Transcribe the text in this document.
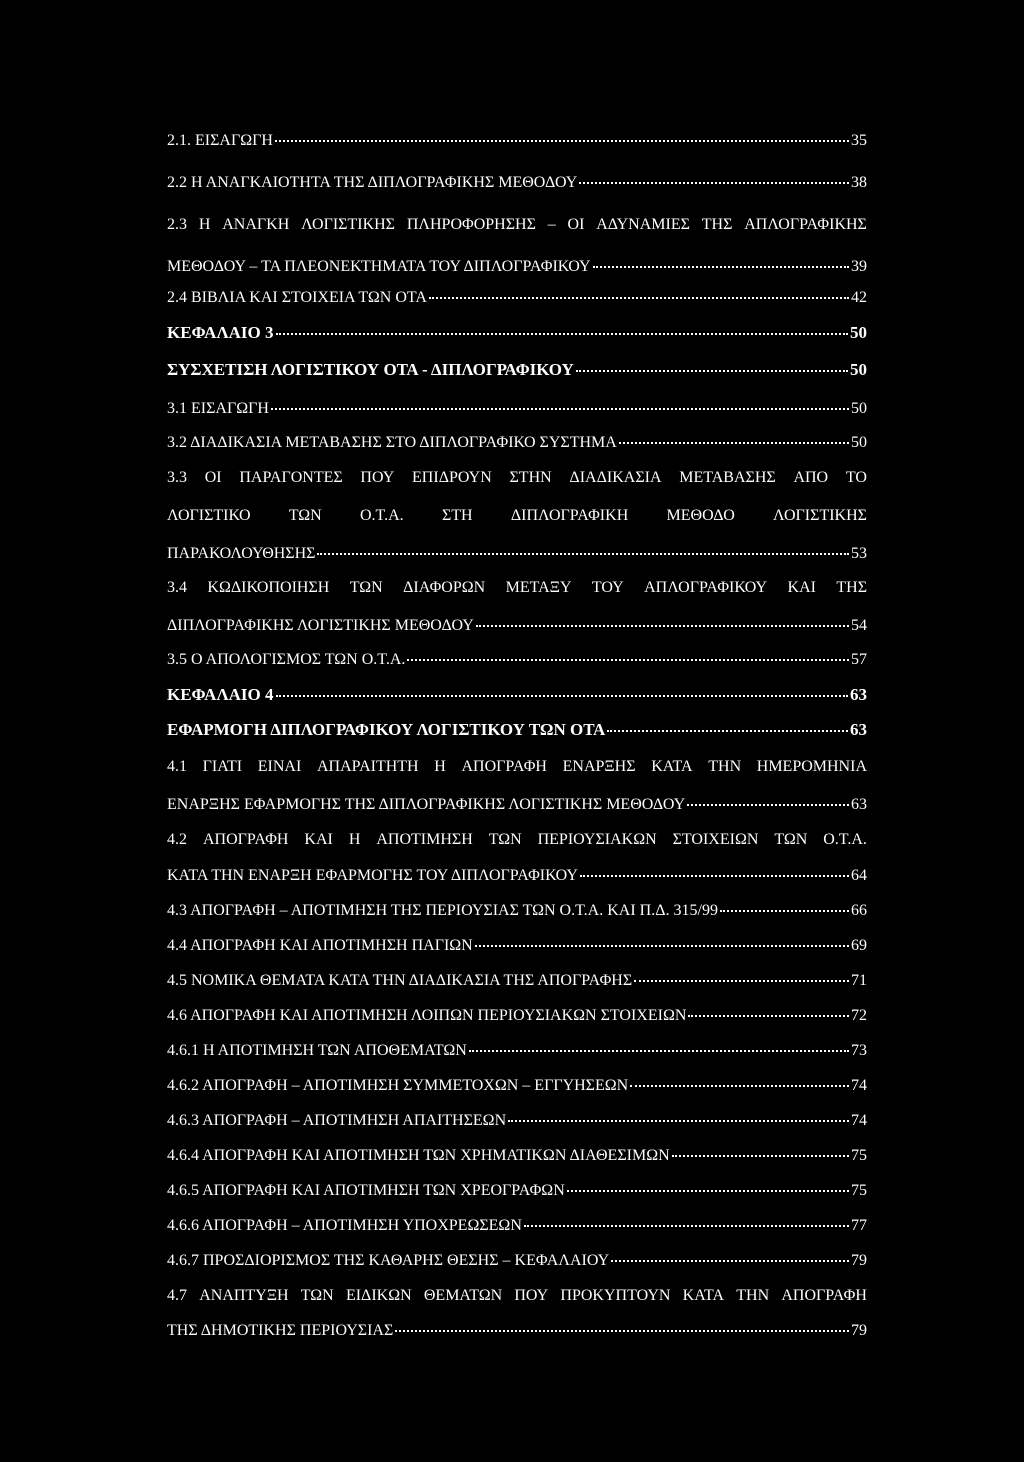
2.1. ΕΙΣΑΓΩΓΗ	35
2.2 Η ΑΝΑΓΚΑΙΟΤΗΤΑ ΤΗΣ ΔΙΠΛΟΓΡΑΦΙΚΗΣ ΜΕΘΟΔΟΥ	38
2.3 Η ΑΝΑΓΚΗ ΛΟΓΙΣΤΙΚΗΣ ΠΛΗΡΟΦΟΡΗΣΗΣ – ΟΙ ΑΔΥΝΑΜΙΕΣ ΤΗΣ ΑΠΛΟΓΡΑΦΙΚΗΣ
ΜΕΘΟΔΟΥ – ΤΑ ΠΛΕΟΝΕΚΤΗΜΑΤΑ ΤΟΥ ΔΙΠΛΟΓΡΑΦΙΚΟΥ	39
2.4 ΒΙΒΛΙΑ ΚΑΙ ΣΤΟΙΧΕΙΑ ΤΩΝ ΟΤΑ	42
ΚΕΦΑΛΑΙΟ 3	50
ΣΥΣΧΕΤΙΣΗ ΛΟΓΙΣΤΙΚΟΥ ΟΤΑ - ΔΙΠΛΟΓΡΑΦΙΚΟΥ	50
3.1 ΕΙΣΑΓΩΓΗ	50
3.2 ΔΙΑΔΙΚΑΣΙΑ ΜΕΤΑΒΑΣΗΣ ΣΤΟ ΔΙΠΛΟΓΡΑΦΙΚΟ ΣΥΣΤΗΜΑ	50
3.3 ΟΙ ΠΑΡΑΓΟΝΤΕΣ ΠΟΥ ΕΠΙΔΡΟΥΝ ΣΤΗΝ ΔΙΑΔΙΚΑΣΙΑ ΜΕΤΑΒΑΣΗΣ ΑΠΟ ΤΟ
ΛΟΓΙΣΤΙΚΟ ΤΩΝ Ο.Τ.Α. ΣΤΗ ΔΙΠΛΟΓΡΑΦΙΚΗ ΜΕΘΟΔΟ ΛΟΓΙΣΤΙΚΗΣ
ΠΑΡΑΚΟΛΟΥΘΗΣΗΣ	53
3.4 ΚΩΔΙΚΟΠΟΙΗΣΗ ΤΩΝ ΔΙΑΦΟΡΩΝ ΜΕΤΑΞΥ ΤΟΥ ΑΠΛΟΓΡΑΦΙΚΟΥ ΚΑΙ ΤΗΣ
ΔΙΠΛΟΓΡΑΦΙΚΗΣ ΛΟΓΙΣΤΙΚΗΣ ΜΕΘΟΔΟΥ	54
3.5 Ο ΑΠΟΛΟΓΙΣΜΟΣ ΤΩΝ Ο.Τ.Α.	57
ΚΕΦΑΛΑΙΟ 4	63
ΕΦΑΡΜΟΓΗ ΔΙΠΛΟΓΡΑΦΙΚΟΥ ΛΟΓΙΣΤΙΚΟΥ ΤΩΝ ΟΤΑ	63
4.1 ΓΙΑΤΙ ΕΙΝΑΙ ΑΠΑΡΑΙΤΗΤΗ Η ΑΠΟΓΡΑΦΗ ΕΝΑΡΞΗΣ ΚΑΤΑ ΤΗΝ ΗΜΕΡΟΜΗΝΙΑ
ΕΝΑΡΞΗΣ ΕΦΑΡΜΟΓΗΣ ΤΗΣ ΔΙΠΛΟΓΡΑΦΙΚΗΣ ΛΟΓΙΣΤΙΚΗΣ ΜΕΘΟΔΟΥ	63
4.2 ΑΠΟΓΡΑΦΗ ΚΑΙ Η ΑΠΟΤΙΜΗΣΗ ΤΩΝ ΠΕΡΙΟΥΣΙΑΚΩΝ ΣΤΟΙΧΕΙΩΝ ΤΩΝ Ο.Τ.Α.
ΚΑΤΑ ΤΗΝ ΕΝΑΡΞΗ ΕΦΑΡΜΟΓΗΣ ΤΟΥ ΔΙΠΛΟΓΡΑΦΙΚΟΥ	64
4.3 ΑΠΟΓΡΑΦΗ – ΑΠΟΤΙΜΗΣΗ ΤΗΣ ΠΕΡΙΟΥΣΙΑΣ ΤΩΝ Ο.Τ.Α. ΚΑΙ Π.Δ. 315/99	66
4.4 ΑΠΟΓΡΑΦΗ ΚΑΙ ΑΠΟΤΙΜΗΣΗ ΠΑΓΙΩΝ	69
4.5 ΝΟΜΙΚΑ ΘΕΜΑΤΑ ΚΑΤΑ ΤΗΝ ΔΙΑΔΙΚΑΣΙΑ ΤΗΣ ΑΠΟΓΡΑΦΗΣ	71
4.6 ΑΠΟΓΡΑΦΗ ΚΑΙ ΑΠΟΤΙΜΗΣΗ ΛΟΙΠΩΝ ΠΕΡΙΟΥΣΙΑΚΩΝ ΣΤΟΙΧΕΙΩΝ	72
4.6.1 Η ΑΠΟΤΙΜΗΣΗ ΤΩΝ ΑΠΟΘΕΜΑΤΩΝ	73
4.6.2 ΑΠΟΓΡΑΦΗ – ΑΠΟΤΙΜΗΣΗ ΣΥΜΜΕΤΟΧΩΝ – ΕΓΓΥΗΣΕΩΝ	74
4.6.3 ΑΠΟΓΡΑΦΗ – ΑΠΟΤΙΜΗΣΗ ΑΠΑΙΤΗΣΕΩΝ	74
4.6.4 ΑΠΟΓΡΑΦΗ ΚΑΙ ΑΠΟΤΙΜΗΣΗ ΤΩΝ ΧΡΗΜΑΤΙΚΩΝ ΔΙΑΘΕΣΙΜΩΝ	75
4.6.5 ΑΠΟΓΡΑΦΗ ΚΑΙ ΑΠΟΤΙΜΗΣΗ ΤΩΝ ΧΡΕΟΓΡΑΦΩΝ	75
4.6.6 ΑΠΟΓΡΑΦΗ – ΑΠΟΤΙΜΗΣΗ ΥΠΟΧΡΕΩΣΕΩΝ	77
4.6.7 ΠΡΟΣΔΙΟΡΙΣΜΟΣ ΤΗΣ ΚΑΘΑΡΗΣ ΘΕΣΗΣ – ΚΕΦΑΛΑΙΟΥ	79
4.7 ΑΝΑΠΤΥΞΗ ΤΩΝ ΕΙΔΙΚΩΝ ΘΕΜΑΤΩΝ ΠΟΥ ΠΡΟΚΥΠΤΟΥΝ ΚΑΤΑ ΤΗΝ ΑΠΟΓΡΑΦΗ
ΤΗΣ ΔΗΜΟΤΙΚΗΣ ΠΕΡΙΟΥΣΙΑΣ	79
